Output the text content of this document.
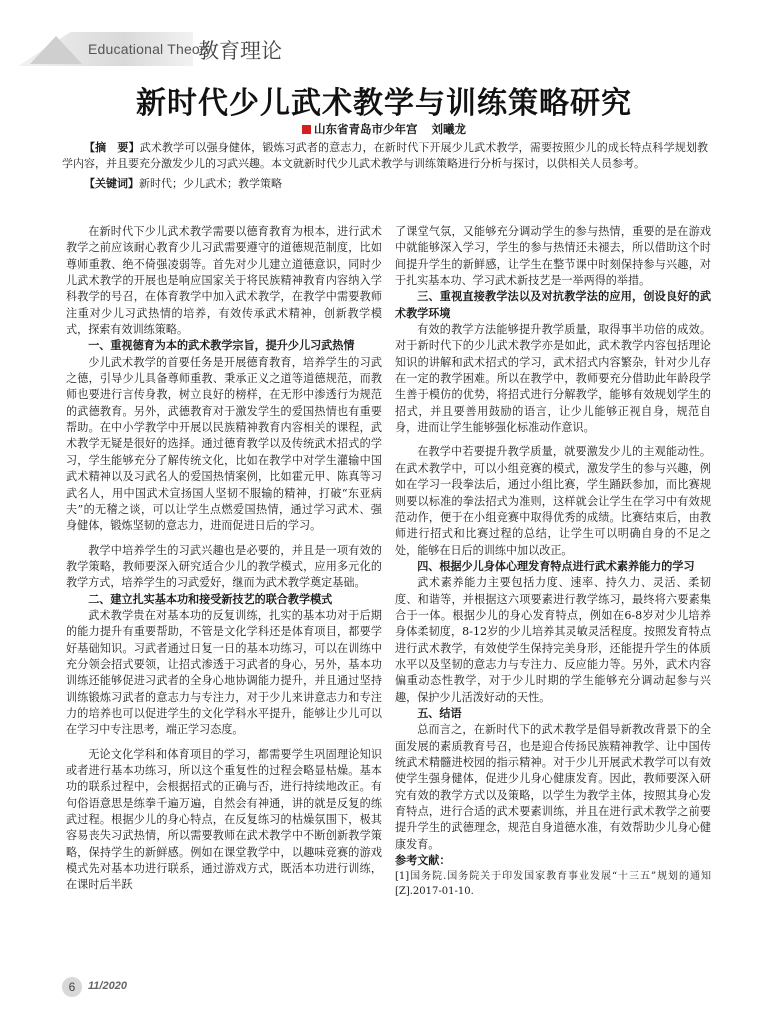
Educational Theory
教育理论
新时代少儿武术教学与训练策略研究
山东省青岛市少年宫 刘曦龙

【摘　要】武术教学可以强身健体，锻炼习武者的意志力，在新时代下开展少儿武术教学，需要按照少儿的成长特点科学规划教学内容，并且要充分激发少儿的习武兴趣。本文就新时代少儿武术教学与训练策略进行分析与探讨，以供相关人员参考。

【关键词】新时代；少儿武术；教学策略

在新时代下少儿武术教学需要以德育教育为根本，进行武术教学之前应该耐心教育少儿习武需要遵守的道德规范制度，比如尊师重教、绝不倚强凌弱等。首先对少儿建立道德意识，同时少儿武术教学的开展也是响应国家关于将民族精神教育内容纳入学科教学的号召，在体育教学中加入武术教学，在教学中需要教师注重对少儿习武热情的培养，有效传承武术精神，创新教学模式，探索有效训练策略。

一、重视德育为本的武术教学宗旨，提升少儿习武热情

少儿武术教学的首要任务是开展德育教育，培养学生的习武之德，引导少儿具备尊师重教、秉承正义之道等道德规范，而教师也要进行言传身教，树立良好的榜样，在无形中渗透行为规范的武德教育。另外，武德教育对于激发学生的爱国热情也有重要帮助。在中小学教学中开展以民族精神教育内容相关的课程，武术教学无疑是很好的选择。通过德育教学以及传统武术招式的学习，学生能够充分了解传统文化，比如在教学中对学生灌输中国武术精神以及习武名人的爱国热情案例，比如霍元甲、陈真等习武名人，用中国武术宣扬国人坚韧不服输的精神，打破“东亚病夫”的无稽之谈，可以让学生点燃爱国热情，通过学习武术、强身健体，锻炼坚韧的意志力，进而促进日后的学习。

教学中培养学生的习武兴趣也是必要的，并且是一项有效的教学策略，教师要深入研究适合少儿的教学模式，应用多元化的教学方式，培养学生的习武爱好，继而为武术教学奠定基础。

二、建立扎实基本功和接受新技艺的联合教学模式

武术教学贵在对基本功的反复训练，扎实的基本功对于后期的能力提升有重要帮助，不管是文化学科还是体育项目，都要学好基础知识。习武者通过日复一日的基本功练习，可以在训练中充分领会招式要领，让招式渗透于习武者的身心，另外，基本功训练还能够促进习武者的全身心地协调能力提升，并且通过坚持训练锻炼习武者的意志力与专注力，对于少儿来讲意志力和专注力的培养也可以促进学生的文化学科水平提升，能够让少儿可以在学习中专注思考，端正学习态度。

无论文化学科和体育项目的学习，都需要学生巩固理论知识或者进行基本功练习，所以这个重复性的过程会略显枯燥。基本功的联系过程中，会根据招式的正确与否，进行持续地改正。有句俗语意思是练拳千遍万遍，自然会有神通，讲的就是反复的练武过程。根据少儿的身心特点，在反复练习的枯燥氛围下，极其容易丧失习武热情，所以需要教师在武术教学中不断创新教学策略，保持学生的新鲜感。例如在课堂教学中，以趣味竞赛的游戏模式先对基本功进行联系，通过游戏方式，既活本功进行训练，在课时后半跃

了课堂气氛，又能够充分调动学生的参与热情，重要的是在游戏中就能够深入学习，学生的参与热情还未褪去，所以借助这个时间提升学生的新鲜感，让学生在整节课中时刻保持参与兴趣，对于扎实基本功、学习武术新技艺是一举两得的举措。

三、重视直接教学法以及对抗教学法的应用，创设良好的武术教学环境

有效的教学方法能够提升教学质量，取得事半功倍的成效。对于新时代下的少儿武术教学亦是如此，武术教学内容包括理论知识的讲解和武术招式的学习，武术招式内容繁杂，针对少儿存在一定的教学困难。所以在教学中，教师要充分借助此年龄段学生善于模仿的优势，将招式进行分解教学，能够有效规划学生的招式，并且要善用鼓励的语言，让少儿能够正视自身，规范自身，进而让学生能够强化标准动作意识。

在教学中若要提升教学质量，就要激发少儿的主观能动性。在武术教学中，可以小组竞赛的模式，激发学生的参与兴趣，例如在学习一段拳法后，通过小组比赛，学生踊跃参加，而比赛规则要以标准的拳法招式为准则，这样就会让学生在学习中有效规范动作，便于在小组竞赛中取得优秀的成绩。比赛结束后，由教师进行招式和比赛过程的总结，让学生可以明确自身的不足之处，能够在日后的训练中加以改正。

四、根据少儿身体心理发育特点进行武术素养能力的学习

武术素养能力主要包括力度、速率、持久力、灵活、柔韧度、和谐等，并根据这六项要素进行教学练习，最终将六要素集合于一体。根据少儿的身心发育特点，例如在6-8岁对少儿培养身体柔韧度，8-12岁的少儿培养其灵敏灵活程度。按照发育特点进行武术教学，有效使学生保持完美身形，还能提升学生的体质水平以及坚韧的意志力与专注力、反应能力等。另外，武术内容偏重动态性教学，对于少儿时期的学生能够充分调动起参与兴趣，保护少儿活泼好动的天性。

五、结语

总而言之，在新时代下的武术教学是倡导新教改背景下的全面发展的素质教育号召，也是迎合传扬民族精神教学、让中国传统武术精髓进校园的指示精神。对于少儿开展武术教学可以有效使学生强身健体，促进少儿身心健康发育。因此，教师要深入研究有效的教学方式以及策略，以学生为教学主体，按照其身心发育特点，进行合适的武术要素训练，并且在进行武术教学之前要提升学生的武德理念，规范自身道德水准，有效帮助少儿身心健康发育。

参考文献：

[1]国务院.国务院关于印发国家教育事业发展“十三五”规划的通知[Z].2017-01-10.

6	11/2020
